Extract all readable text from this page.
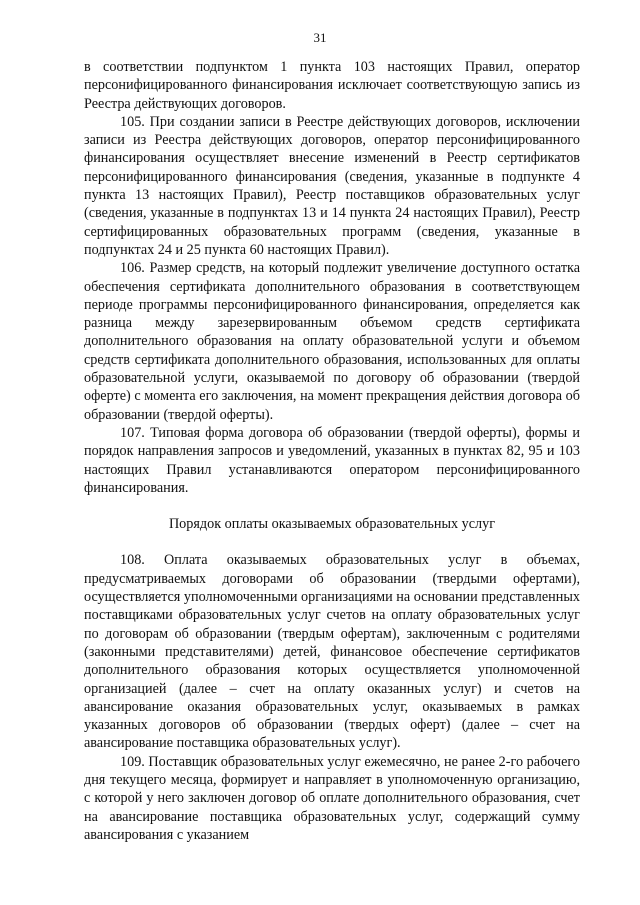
31

в соответствии подпунктом 1 пункта 103 настоящих Правил, оператор персонифицированного финансирования исключает соответствующую запись из Реестра действующих договоров.

105. При создании записи в Реестре действующих договоров, исключении записи из Реестра действующих договоров, оператор персонифицированного финансирования осуществляет внесение изменений в Реестр сертификатов персонифицированного финансирования (сведения, указанные в подпункте 4 пункта 13 настоящих Правил), Реестр поставщиков образовательных услуг (сведения, указанные в подпунктах 13 и 14 пункта 24 настоящих Правил), Реестр сертифицированных образовательных программ (сведения, указанные в подпунктах 24 и 25 пункта 60 настоящих Правил).

106. Размер средств, на который подлежит увеличение доступного остатка обеспечения сертификата дополнительного образования в соответствующем периоде программы персонифицированного финансирования, определяется как разница между зарезервированным объемом средств сертификата дополнительного образования на оплату образовательной услуги и объемом средств сертификата дополнительного образования, использованных для оплаты образовательной услуги, оказываемой по договору об образовании (твердой оферте) с момента его заключения, на момент прекращения действия договора об образовании (твердой оферты).

107. Типовая форма договора об образовании (твердой оферты), формы и порядок направления запросов и уведомлений, указанных в пунктах 82, 95 и 103 настоящих Правил устанавливаются оператором персонифицированного финансирования.

Порядок оплаты оказываемых образовательных услуг

108. Оплата оказываемых образовательных услуг в объемах, предусматриваемых договорами об образовании (твердыми офертами), осуществляется уполномоченными организациями на основании представленных поставщиками образовательных услуг счетов на оплату образовательных услуг по договорам об образовании (твердым офертам), заключенным с родителями (законными представителями) детей, финансовое обеспечение сертификатов дополнительного образования которых осуществляется уполномоченной организацией (далее – счет на оплату оказанных услуг) и счетов на авансирование оказания образовательных услуг, оказываемых в рамках указанных договоров об образовании (твердых оферт) (далее – счет на авансирование поставщика образовательных услуг).

109. Поставщик образовательных услуг ежемесячно, не ранее 2-го рабочего дня текущего месяца, формирует и направляет в уполномоченную организацию, с которой у него заключен договор об оплате дополнительного образования, счет на авансирование поставщика образовательных услуг, содержащий сумму авансирования с указанием
